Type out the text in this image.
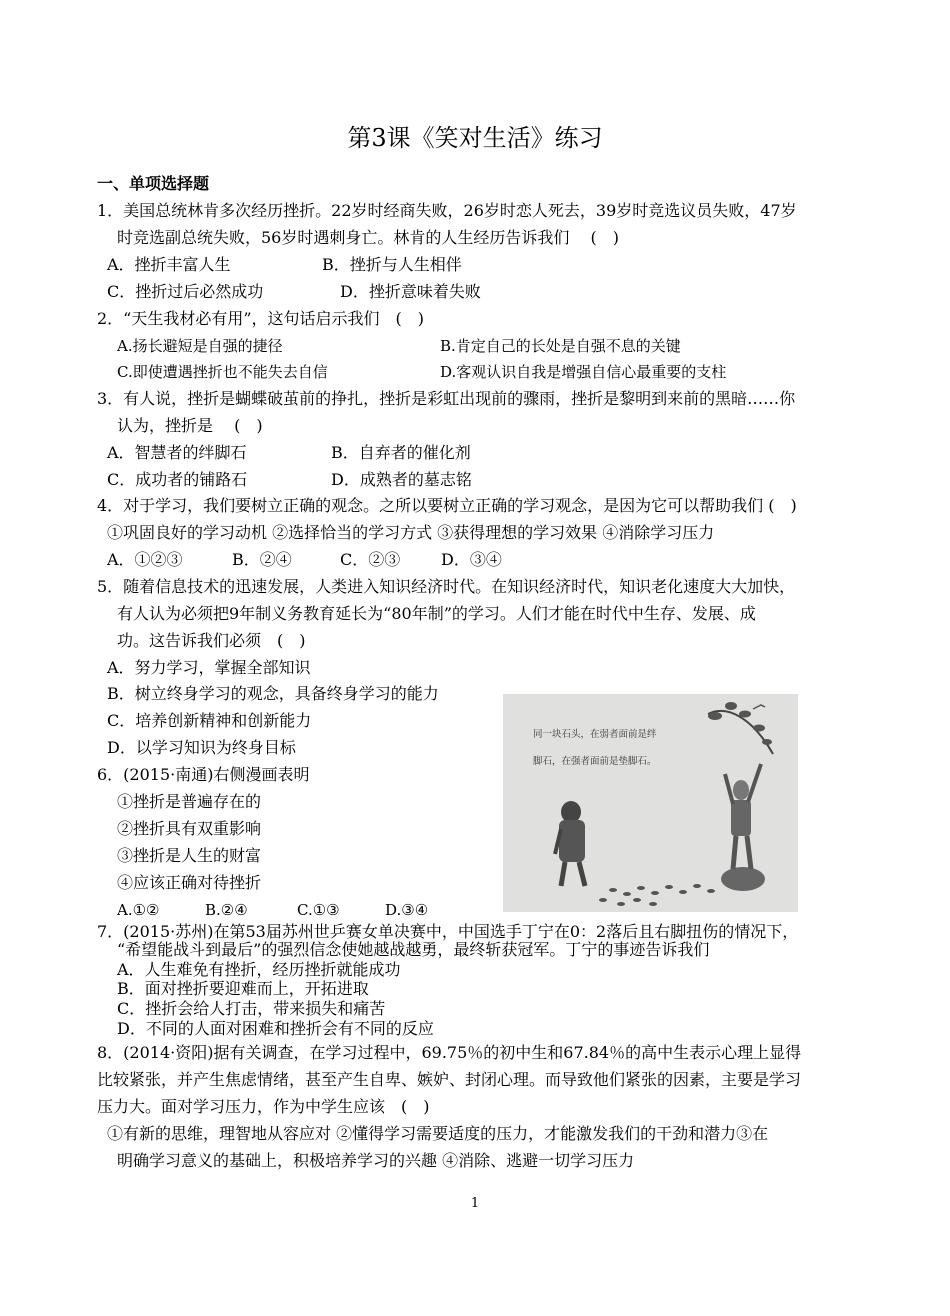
第3课《笑对生活》练习
一、单项选择题
1．美国总统林肯多次经历挫折。22岁时经商失败，26岁时恋人死去，39岁时竞选议员失败，47岁
时竞选副总统失败，56岁时遇刺身亡。林肯的人生经历告诉我们　 (　)
A．挫折丰富人生	B．挫折与人生相伴
C．挫折过后必然成功	D．挫折意味着失败
2．“天生我材必有用”，这句话启示我们　(　)
A.扬长避短是自强的捷径	B.肯定自己的长处是自强不息的关键
C.即使遭遇挫折也不能失去自信	D.客观认识自我是增强自信心最重要的支柱
3．有人说，挫折是蝴蝶破茧前的挣扎，挫折是彩虹出现前的骤雨，挫折是黎明到来前的黑暗……你
认为，挫折是　 (　)
A．智慧者的绊脚石	B．自弃者的催化剂
C．成功者的铺路石	D．成熟者的墓志铭
4．对于学习，我们要树立正确的观念。之所以要树立正确的学习观念，是因为它可以帮助我们 (　)
①巩固良好的学习动机 ②选择恰当的学习方式 ③获得理想的学习效果 ④消除学习压力
A．①②③	B．②④	C．②③	D．③④
5．随着信息技术的迅速发展，人类进入知识经济时代。在知识经济时代，知识老化速度大大加快，
有人认为必须把9年制义务教育延长为“80年制”的学习。人们才能在时代中生存、发展、成
功。这告诉我们必须　(　)
A．努力学习，掌握全部知识
B．树立终身学习的观念，具备终身学习的能力
C．培养创新精神和创新能力
D．以学习知识为终身目标
6．(2015·南通)右侧漫画表明
①挫折是普遍存在的
②挫折具有双重影响
③挫折是人生的财富
④应该正确对待挫折
A.①②	B.②④	C.①③	D.③④
同一块石头，在弱者面前是绊
脚石，在强者面前是垫脚石。
7．(2015·苏州)在第53届苏州世乒赛女单决赛中，中国选手丁宁在0：2落后且右脚扭伤的情况下，
“希望能战斗到最后”的强烈信念使她越战越勇，最终斩获冠军。丁宁的事迹告诉我们
A．人生难免有挫折，经历挫折就能成功
B．面对挫折要迎难而上，开拓进取
C．挫折会给人打击，带来损失和痛苦
D．不同的人面对困难和挫折会有不同的反应
8．(2014·资阳)据有关调查，在学习过程中，69.75％的初中生和67.84％的高中生表示心理上显得
比较紧张，并产生焦虑情绪，甚至产生自卑、嫉妒、封闭心理。而导致他们紧张的因素，主要是学习
压力大。面对学习压力，作为中学生应该　(　)
①有新的思维，理智地从容应对 ②懂得学习需要适度的压力，才能激发我们的干劲和潜力③在
明确学习意义的基础上，积极培养学习的兴趣 ④消除、逃避一切学习压力
1
